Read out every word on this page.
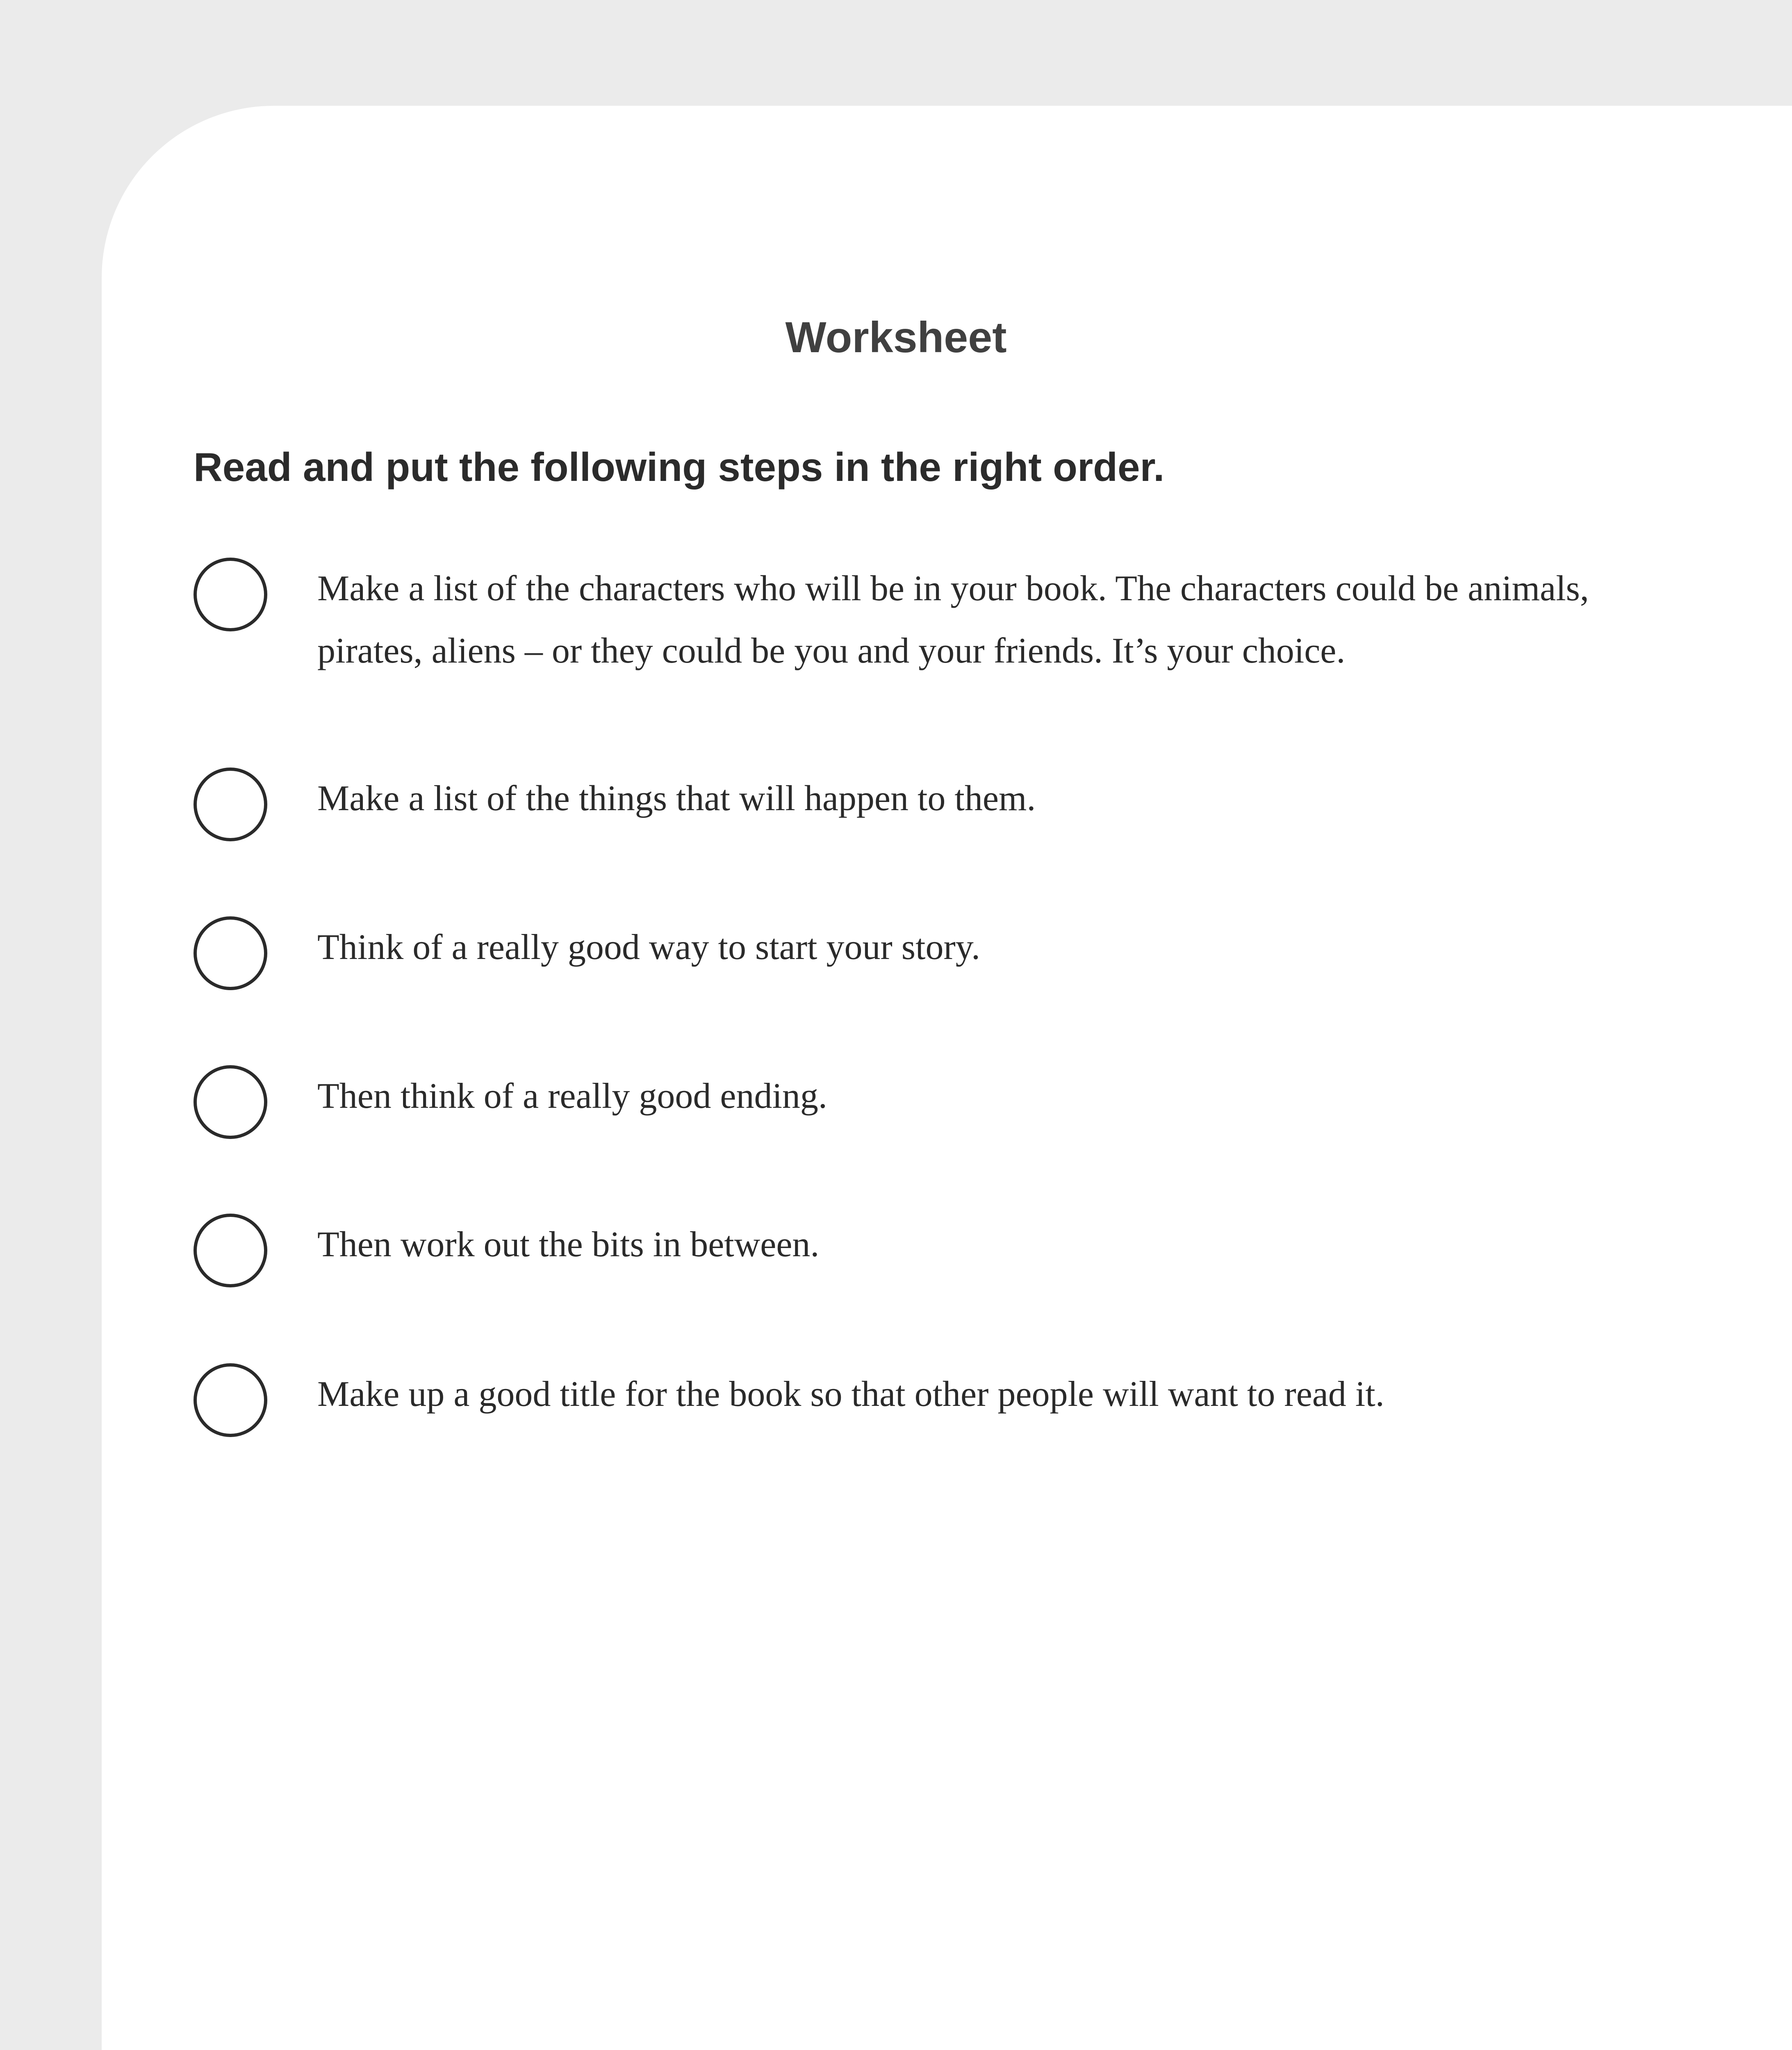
Worksheet

Read and put the following steps in the right order.

Make a list of the characters who will be in your book. The characters could be animals, pirates, aliens – or they could be you and your friends. It’s your choice.

Make a list of the things that will happen to them.

Think of a really good way to start your story.

Then think of a really good ending.

Then work out the bits in between.

Make up a good title for the book so that other people will want to read it.
